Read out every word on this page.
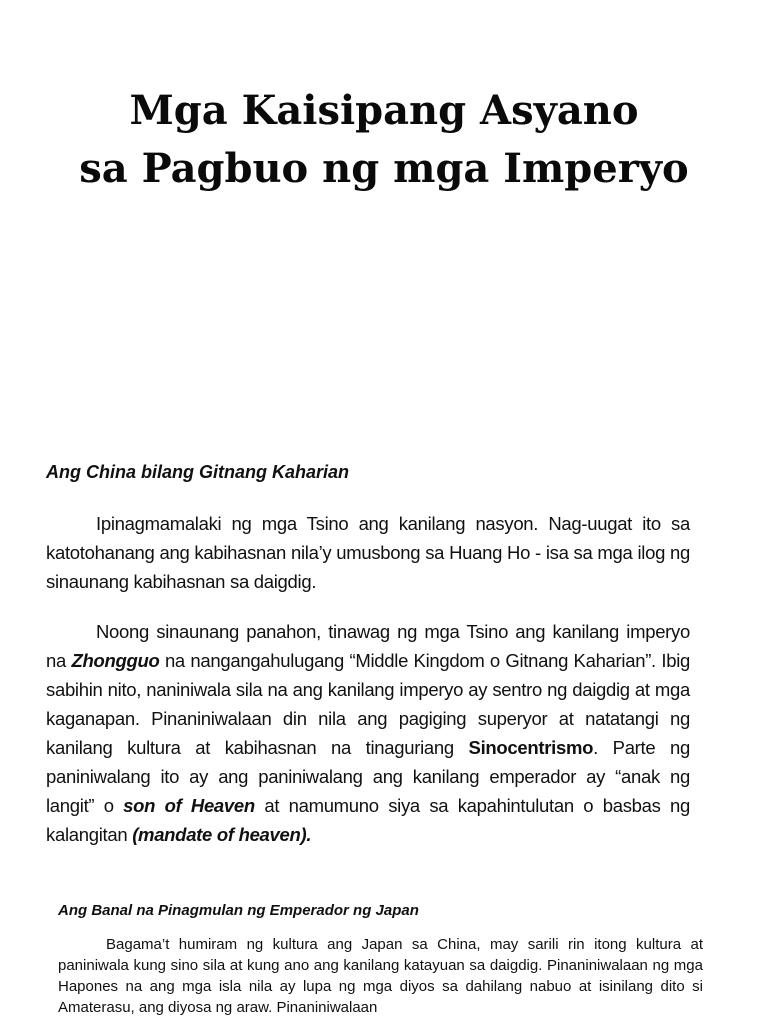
Mga Kaisipang Asyano
sa Pagbuo ng mga Imperyo
Ang China bilang Gitnang Kaharian

Ipinagmamalaki ng mga Tsino ang kanilang nasyon. Nag-uugat ito sa katotohanang ang kabihasnan nila’y umusbong sa Huang Ho - isa sa mga ilog ng sinaunang kabihasnan sa daigdig.

Noong sinaunang panahon, tinawag ng mga Tsino ang kanilang imperyo na Zhongguo na nangangahulugang “Middle Kingdom o Gitnang Kaharian”. Ibig sabihin nito, naniniwala sila na ang kanilang imperyo ay sentro ng daigdig at mga kaganapan. Pinaniniwalaan din nila ang pagiging superyor at natatangi ng kanilang kultura at kabihasnan na tinaguriang Sinocentrismo. Parte ng paniniwalang ito ay ang paniniwalang ang kanilang emperador ay “anak ng langit” o son of Heaven at namumuno siya sa kapahintulutan o basbas ng kalangitan (mandate of heaven).

Ang Banal na Pinagmulan ng Emperador ng Japan

Bagama’t humiram ng kultura ang Japan sa China, may sarili rin itong kultura at paniniwala kung sino sila at kung ano ang kanilang katayuan sa daigdig. Pinaniniwalaan ng mga Hapones na ang mga isla nila ay lupa ng mga diyos sa dahilang nabuo at isinilang dito si Amaterasu, ang diyosa ng araw. Pinaniniwalaan
